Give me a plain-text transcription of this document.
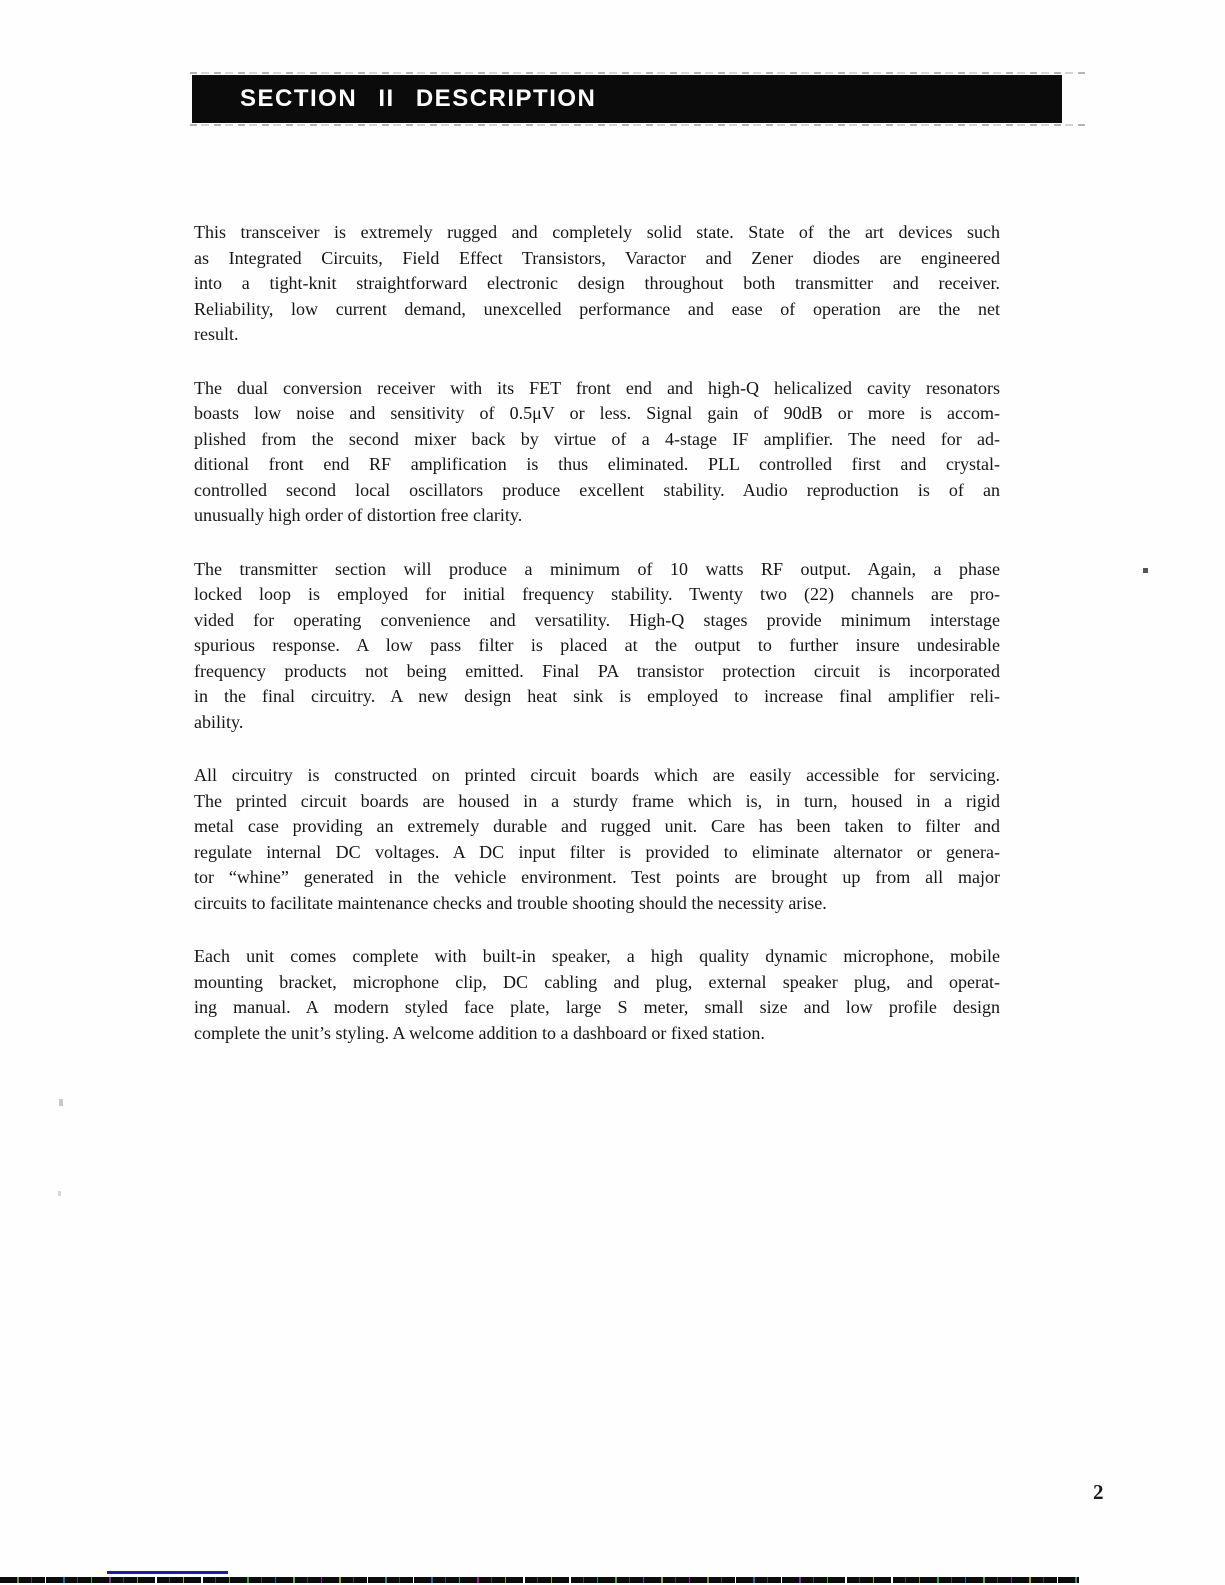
SECTION II DESCRIPTION

This transceiver is extremely rugged and completely solid state. State of the art devices such
as Integrated Circuits, Field Effect Transistors, Varactor and Zener diodes are engineered
into a tight-knit straightforward electronic design throughout both transmitter and receiver.
Reliability, low current demand, unexcelled performance and ease of operation are the net
result.

The dual conversion receiver with its FET front end and high-Q helicalized cavity resonators
boasts low noise and sensitivity of 0.5μV or less. Signal gain of 90dB or more is accom-
plished from the second mixer back by virtue of a 4-stage IF amplifier. The need for ad-
ditional front end RF amplification is thus eliminated. PLL controlled first and crystal-
controlled second local oscillators produce excellent stability. Audio reproduction is of an
unusually high order of distortion free clarity.

The transmitter section will produce a minimum of 10 watts RF output. Again, a phase
locked loop is employed for initial frequency stability. Twenty two (22) channels are pro-
vided for operating convenience and versatility. High-Q stages provide minimum interstage
spurious response. A low pass filter is placed at the output to further insure undesirable
frequency products not being emitted. Final PA transistor protection circuit is incorporated
in the final circuitry. A new design heat sink is employed to increase final amplifier reli-
ability.

All circuitry is constructed on printed circuit boards which are easily accessible for servicing.
The printed circuit boards are housed in a sturdy frame which is, in turn, housed in a rigid
metal case providing an extremely durable and rugged unit. Care has been taken to filter and
regulate internal DC voltages. A DC input filter is provided to eliminate alternator or genera-
tor “whine” generated in the vehicle environment. Test points are brought up from all major
circuits to facilitate maintenance checks and trouble shooting should the necessity arise.

Each unit comes complete with built-in speaker, a high quality dynamic microphone, mobile
mounting bracket, microphone clip, DC cabling and plug, external speaker plug, and operat-
ing manual. A modern styled face plate, large S meter, small size and low profile design
complete the unit’s styling. A welcome addition to a dashboard or fixed station.

2
